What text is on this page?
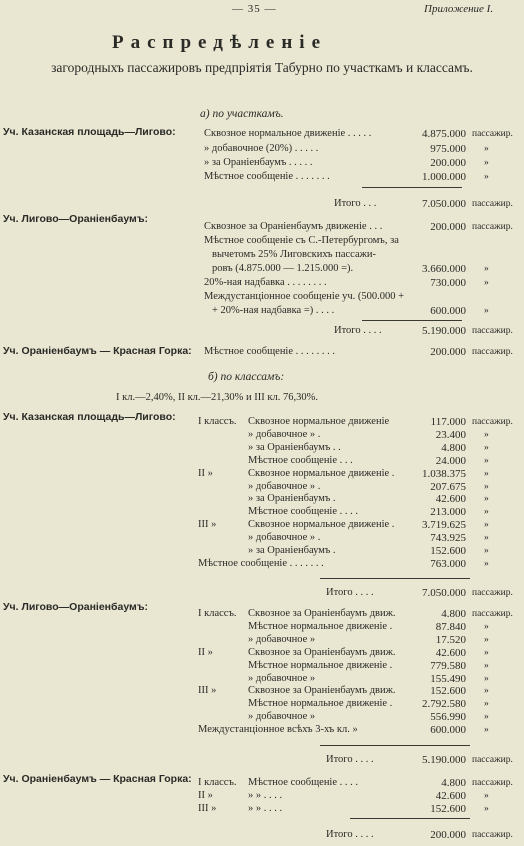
— 35 —	Приложение I.
Распредѣленie
загородныхъ пассажировъ предпрiятiя Табурно по участкамъ и классамъ.
a) по участкамъ.
Уч. Казанская площадь—Лигово:	Сквозное нормальное движенie . . . . .	4.875.000 пассажир.
» добавочное (20%) . . . . .	975.000 »
» за Ораніенбаумъ . . . . .	200.000 »
Мѣстное сообщенie . . . . . . .	1.000.000 »
Итого . . .	7.050.000 пассажир.
Уч. Лигово—Ораніенбаумъ:
Сквозное за Ораніенбаумъ движенie . . .	200.000 пассажир.
Мѣстное сообщенie съ С.-Петербургомъ, за
вычетомъ 25% Лиговскихъ пассажи-
ровъ (4.875.000 — 1.215.000 =).	3.660.000 »
20%-ная надбавка . . . . . . . .	730.000 »
Междустанціонное сообщенie уч. (500.000 +
+ 20%-ная надбавка =) . . . .	600.000 »
Итого . . . .	5.190.000 пассажир.
Уч. Ораніенбаумъ — Красная Горка: Мѣстное сообщенie . . . . . . . .	200.000 пассажир.
б) по классамъ:
I кл.—2,40%, II кл.—21,30% и III кл. 76,30%.
Уч. Казанская площадь—Лигово: I классъ. Сквозное нормальное движенie	117.000 пассажир.
» добавочное » .	23.400 »
» за Ораніенбаумъ . .	4.800 »
Мѣстное сообщенie . . .	24.000 »
II »	Сквозное нормальное движенie .	1.038.375 »
» добавочное » .	207.675 »
» за Ораніенбаумъ .	42.600 »
Мѣстное сообщенie . . . .	213.000 »
III »	Сквозное нормальное движенie .	3.719.625 »
» добавочное » .	743.925 »
» за Ораніенбаумъ .	152.600 »
Мѣстное сообщенie . . . . . . .	763.000 »
Итого . . . .	7.050.000 пассажир.
Уч. Лигово—Ораніенбаумъ:
I классъ. Сквозное за Ораніенбаумъ движ.	4.800 пассажир.
Мѣстное нормальное движенie .	87.840 »
» добавочное »	17.520 »
II »	Сквозное за Ораніенбаумъ движ.	42.600 »
Мѣстное нормальное движенie .	779.580 »
» добавочное »	155.490 »
III »	Сквозное за Ораніенбаумъ движ.	152.600 »
Мѣстное нормальное движенie .	2.792.580 »
» добавочное »	556.990 »
Междустанціонное всѣхъ 3-хъ кл. »	600.000 »
Итого . . . .	5.190.000 пассажир.
Уч. Ораніенбаумъ — Красная Горка: I классъ. Мѣстное сообщенie . . . .	4.800 пассажир.
II »	» » . . . .	42.600 »
III »	» » . . . .	152.600 »
Итого . . . .	200.000 пассажир.
